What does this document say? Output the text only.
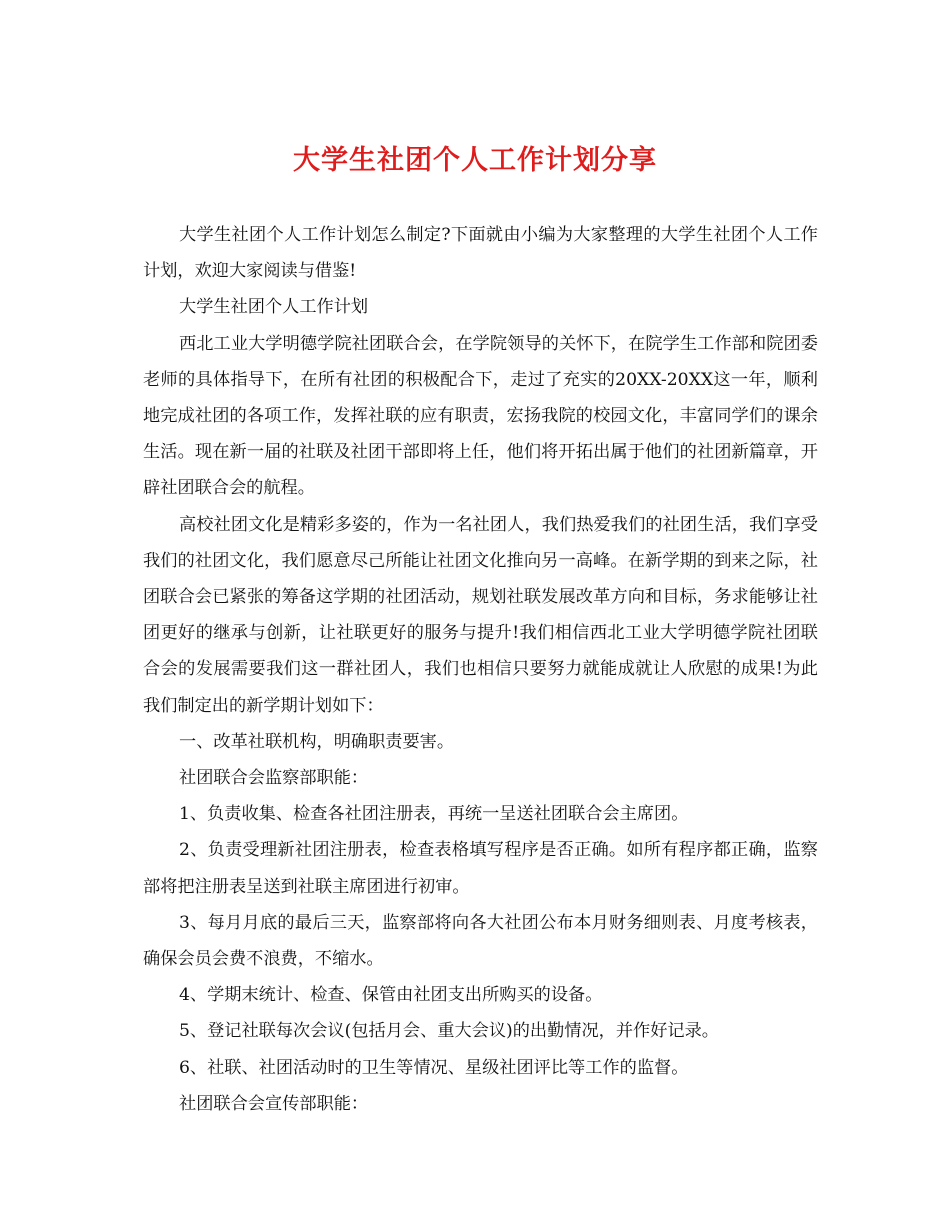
大学生社团个人工作计划分享

大学生社团个人工作计划怎么制定?下面就由小编为大家整理的大学生社团个人工作计划，欢迎大家阅读与借鉴!

大学生社团个人工作计划

西北工业大学明德学院社团联合会，在学院领导的关怀下，在院学生工作部和院团委老师的具体指导下，在所有社团的积极配合下，走过了充实的20XX-20XX这一年，顺利地完成社团的各项工作，发挥社联的应有职责，宏扬我院的校园文化，丰富同学们的课余生活。现在新一届的社联及社团干部即将上任，他们将开拓出属于他们的社团新篇章，开辟社团联合会的航程。

高校社团文化是精彩多姿的，作为一名社团人，我们热爱我们的社团生活，我们享受我们的社团文化，我们愿意尽己所能让社团文化推向另一高峰。在新学期的到来之际，社团联合会已紧张的筹备这学期的社团活动，规划社联发展改革方向和目标，务求能够让社团更好的继承与创新，让社联更好的服务与提升!我们相信西北工业大学明德学院社团联合会的发展需要我们这一群社团人，我们也相信只要努力就能成就让人欣慰的成果!为此我们制定出的新学期计划如下：

一、改革社联机构，明确职责要害。

社团联合会监察部职能：

1、负责收集、检查各社团注册表，再统一呈送社团联合会主席团。

2、负责受理新社团注册表，检查表格填写程序是否正确。如所有程序都正确，监察部将把注册表呈送到社联主席团进行初审。

3、每月月底的最后三天，监察部将向各大社团公布本月财务细则表、月度考核表，确保会员会费不浪费，不缩水。

4、学期末统计、检查、保管由社团支出所购买的设备。

5、登记社联每次会议(包括月会、重大会议)的出勤情况，并作好记录。

6、社联、社团活动时的卫生等情况、星级社团评比等工作的监督。

社团联合会宣传部职能：
